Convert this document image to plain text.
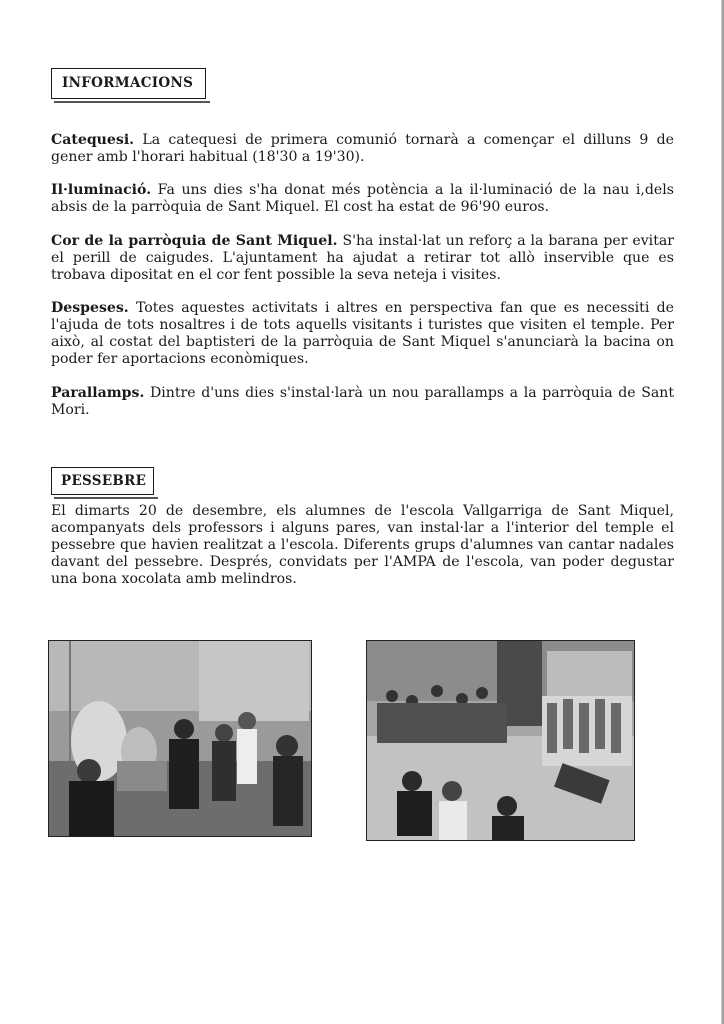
INFORMACIONS

Catequesi. La catequesi de primera comunió tornarà a començar el dilluns 9 de gener amb l'horari habitual (18'30 a 19'30).

Il·luminació. Fa uns dies s'ha donat més potència a la il·luminació de la nau i,dels absis de la parròquia de Sant Miquel. El cost ha estat de 96'90 euros.

Cor de la parròquia de Sant Miquel. S'ha instal·lat un reforç a la barana per evitar el perill de caigudes. L'ajuntament ha ajudat a retirar tot allò inservible que es trobava dipositat en el cor fent possible la seva neteja i visites.

Despeses. Totes aquestes activitats i altres en perspectiva fan que es necessiti de l'ajuda de tots nosaltres i de tots aquells visitants i turistes que visiten el temple. Per això, al costat del baptisteri de la parròquia de Sant Miquel s'anunciarà la bacina on poder fer aportacions econòmiques.

Parallamps. Dintre d'uns dies s'instal·larà un nou parallamps a la parròquia de Sant Mori.

PESSEBRE

El dimarts 20 de desembre, els alumnes de l'escola Vallgarriga de Sant Miquel, acompanyats dels professors i alguns pares, van instal·lar a l'interior del temple el pessebre que havien realitzat a l'escola. Diferents grups d'alumnes van cantar nadales davant del pessebre. Després, convidats per l'AMPA de l'escola, van poder degustar una bona xocolata amb melindros.
